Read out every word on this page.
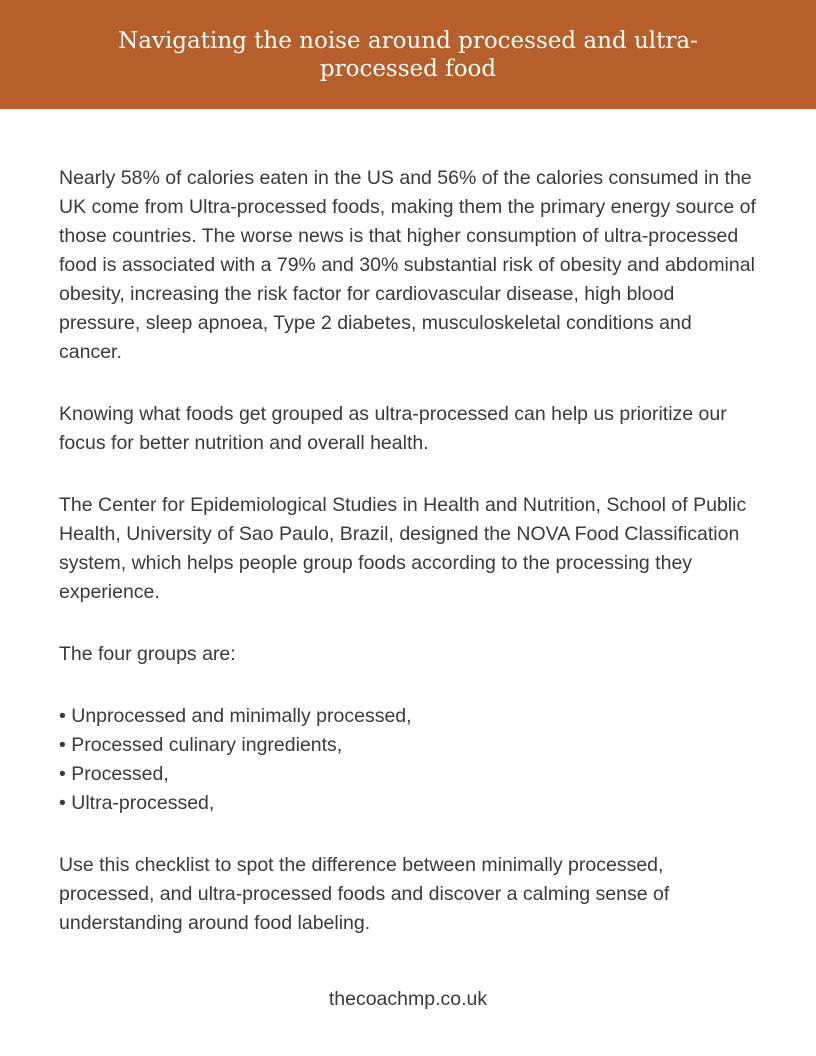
Navigating the noise around processed and ultra-processed food

Nearly 58% of calories eaten in the US and 56% of the calories consumed in the UK come from Ultra-processed foods, making them the primary energy source of those countries. The worse news is that higher consumption of ultra-processed food is associated with a 79% and 30% substantial risk of obesity and abdominal obesity, increasing the risk factor for cardiovascular disease, high blood pressure, sleep apnoea, Type 2 diabetes, musculoskeletal conditions and cancer.

Knowing what foods get grouped as ultra-processed can help us prioritize our focus for better nutrition and overall health.

The Center for Epidemiological Studies in Health and Nutrition, School of Public Health, University of Sao Paulo, Brazil, designed the NOVA Food Classification system, which helps people group foods according to the processing they experience.

The four groups are:

• Unprocessed and minimally processed,
• Processed culinary ingredients,
• Processed,
• Ultra-processed,

Use this checklist to spot the difference between minimally processed, processed, and ultra-processed foods and discover a calming sense of understanding around food labeling.

thecoachmp.co.uk
